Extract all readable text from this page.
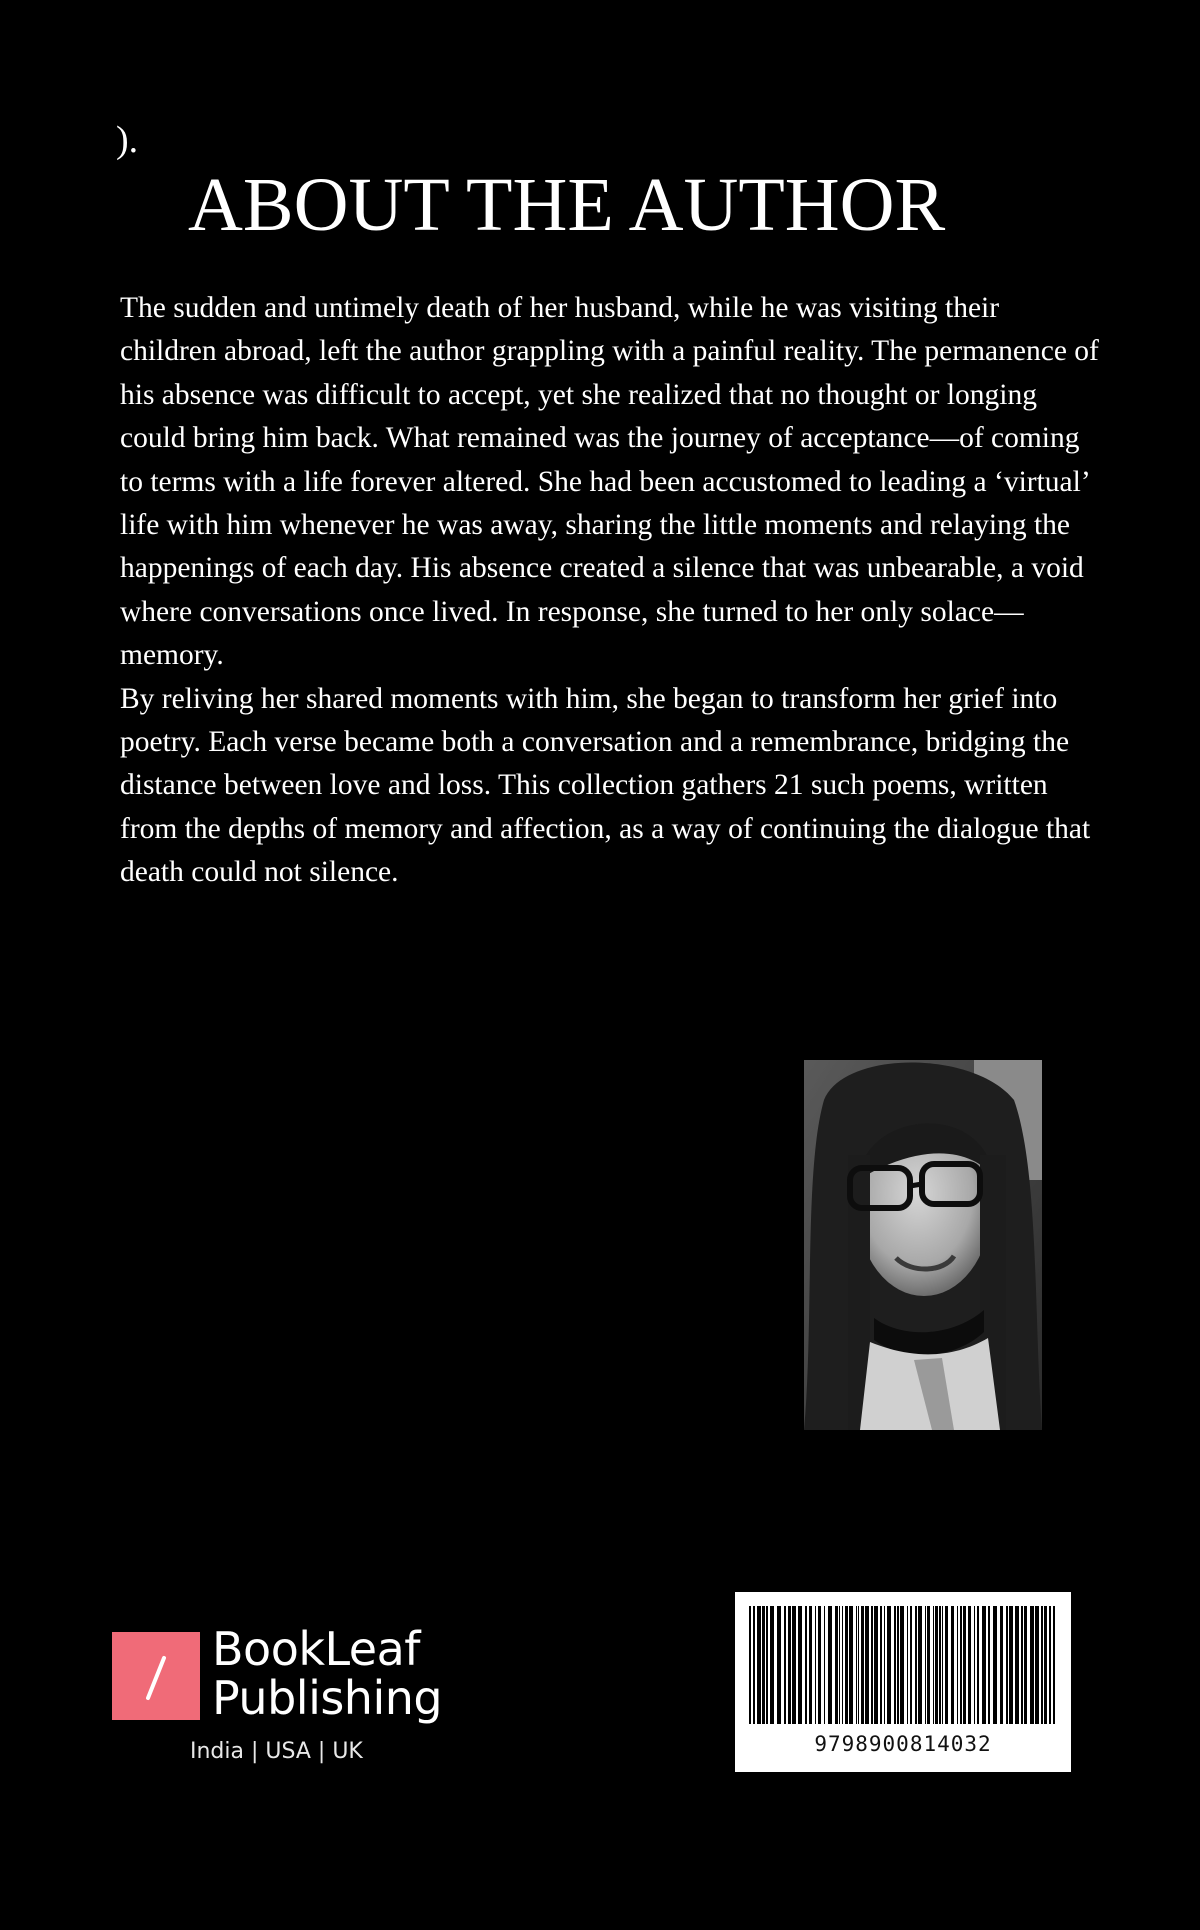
).
ABOUT THE AUTHOR

The sudden and untimely death of her husband, while he was visiting their children abroad, left the author grappling with a painful reality. The permanence of his absence was difficult to accept, yet she realized that no thought or longing could bring him back. What remained was the journey of acceptance—of coming to terms with a life forever altered. She had been accustomed to leading a ‘virtual’ life with him whenever he was away, sharing the little moments and relaying the happenings of each day. His absence created a silence that was unbearable, a void where conversations once lived. In response, she turned to her only solace—memory.

By reliving her shared moments with him, she began to transform her grief into poetry. Each verse became both a conversation and a remembrance, bridging the distance between love and loss. This collection gathers 21 such poems, written from the depths of memory and affection, as a way of continuing the dialogue that death could not silence.

BookLeaf
Publishing
India | USA | UK	9798900814032
